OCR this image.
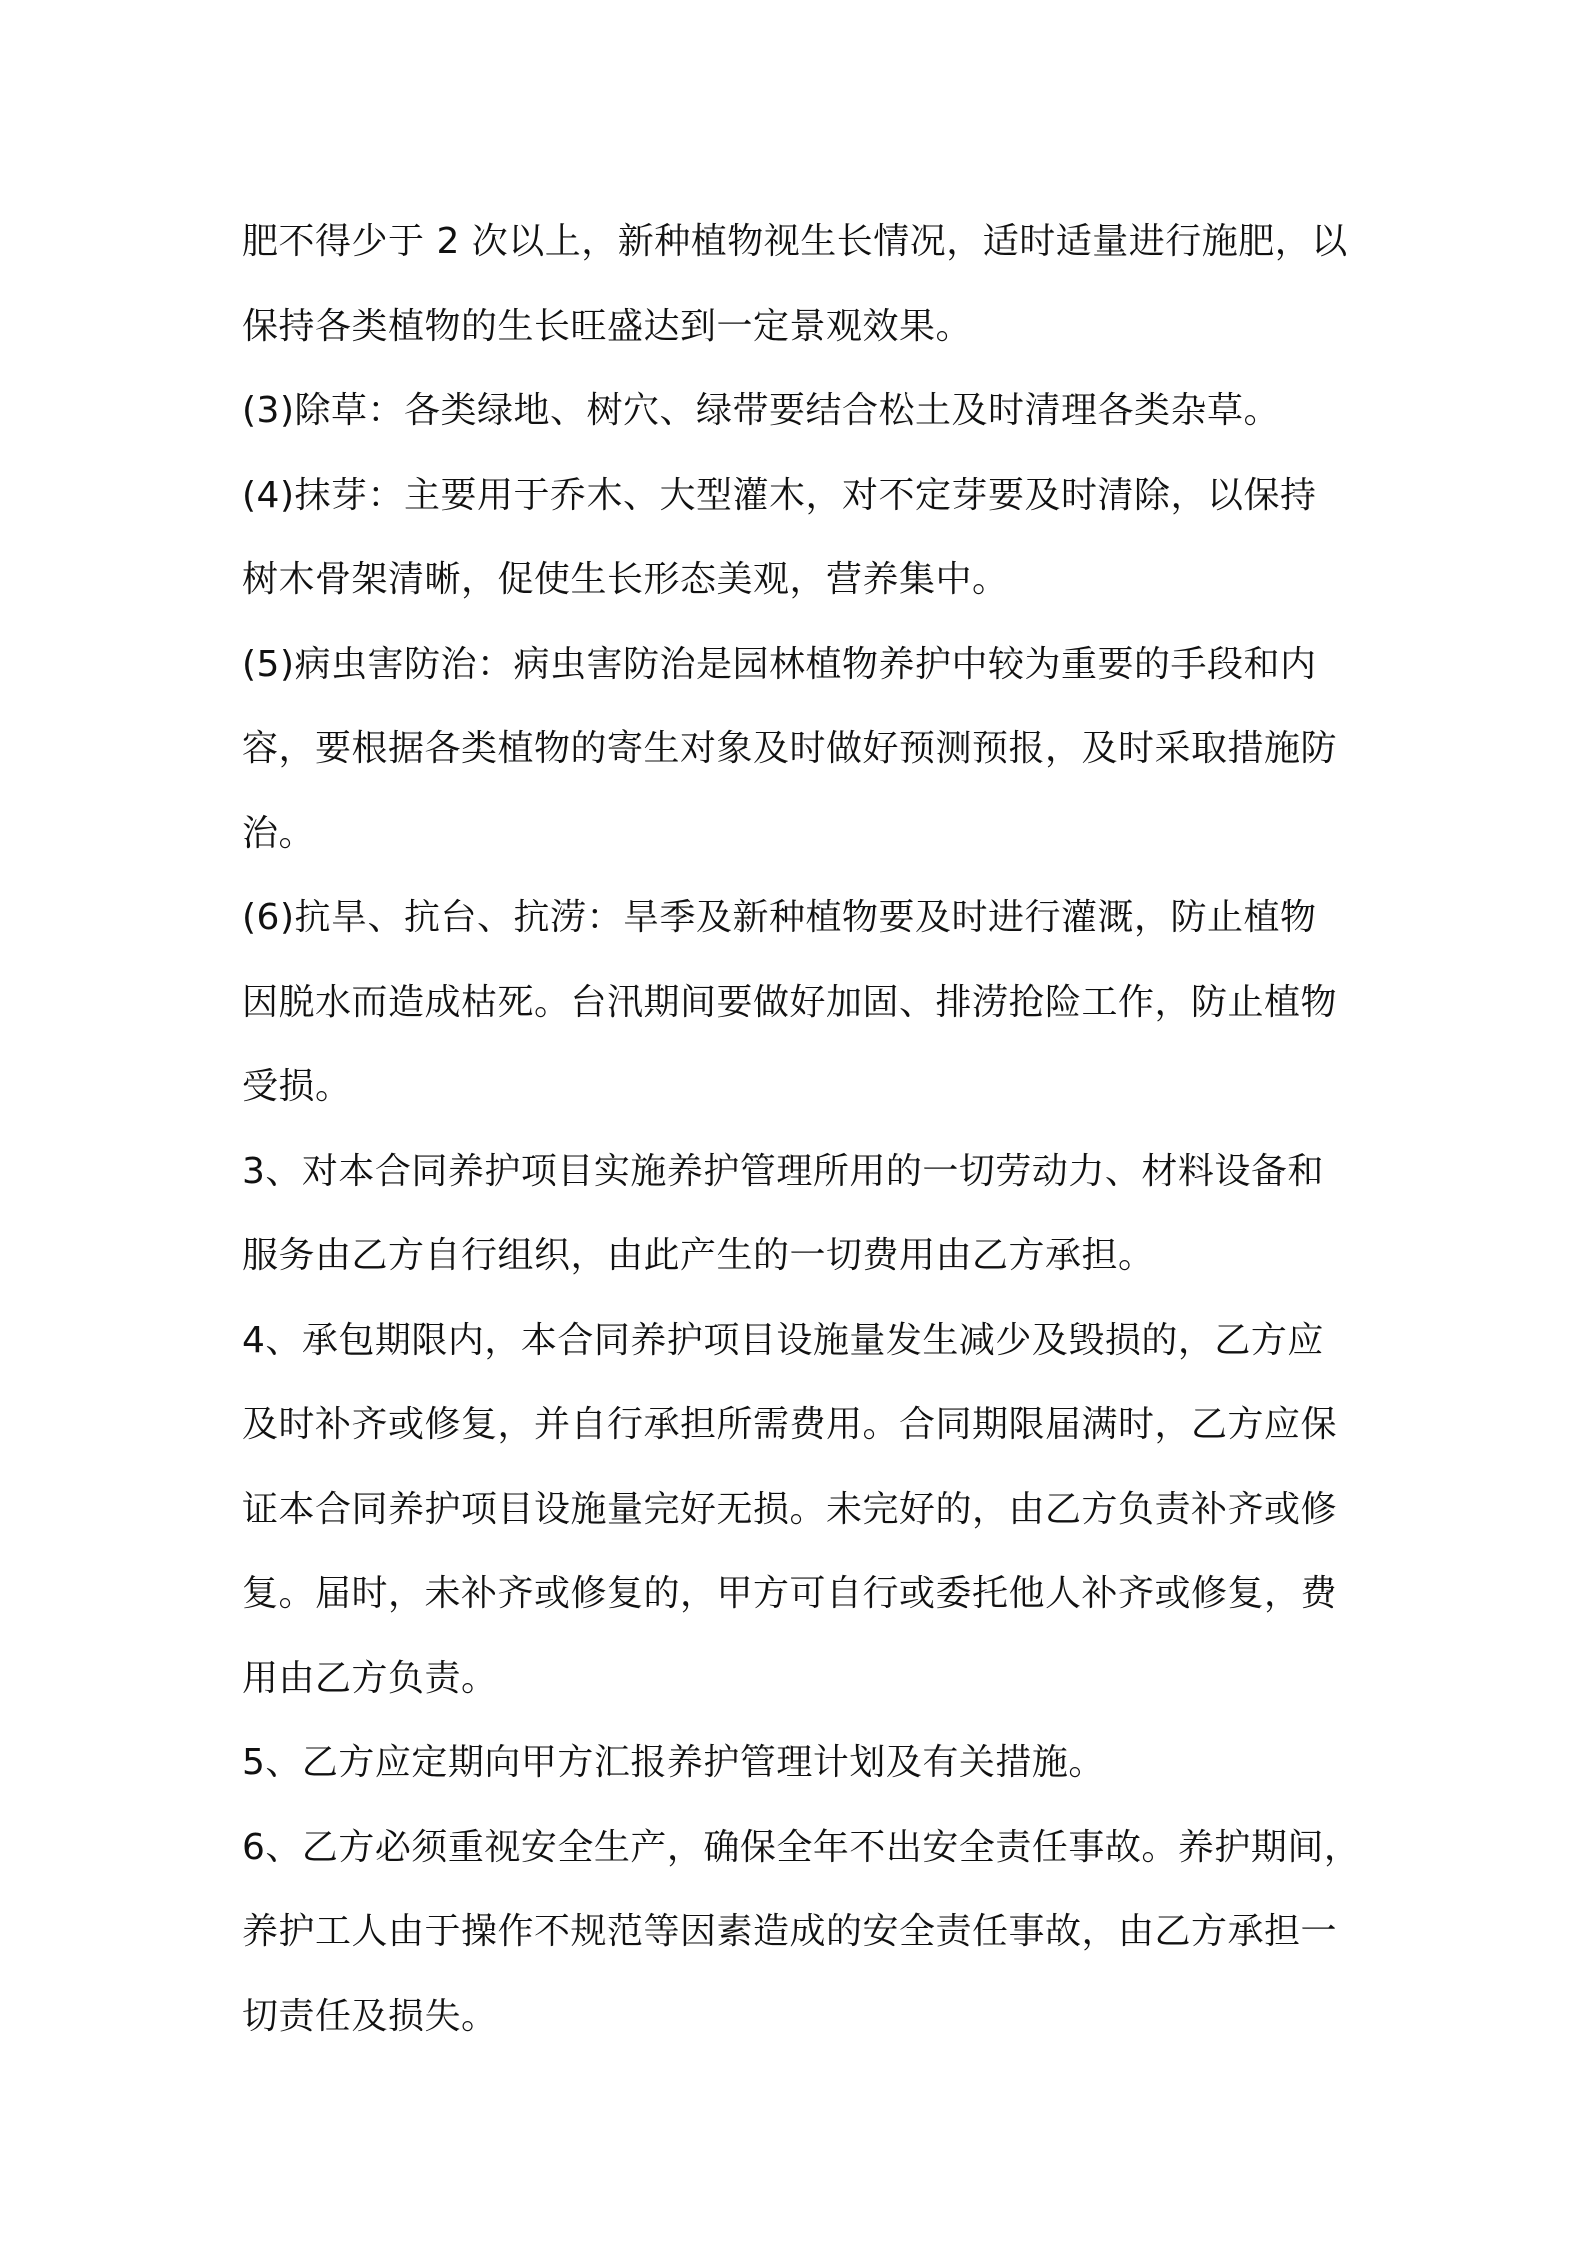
肥不得少于 2 次以上，新种植物视生长情况，适时适量进行施肥，以
保持各类植物的生长旺盛达到一定景观效果。

(3)除草：各类绿地、树穴、绿带要结合松土及时清理各类杂草。

(4)抹芽：主要用于乔木、大型灌木，对不定芽要及时清除，以保持
树木骨架清晰，促使生长形态美观，营养集中。

(5)病虫害防治：病虫害防治是园林植物养护中较为重要的手段和内
容，要根据各类植物的寄生对象及时做好预测预报，及时采取措施防
治。

(6)抗旱、抗台、抗涝：旱季及新种植物要及时进行灌溉，防止植物
因脱水而造成枯死。台汛期间要做好加固、排涝抢险工作，防止植物
受损。

3、对本合同养护项目实施养护管理所用的一切劳动力、材料设备和
服务由乙方自行组织，由此产生的一切费用由乙方承担。

4、承包期限内，本合同养护项目设施量发生减少及毁损的，乙方应
及时补齐或修复，并自行承担所需费用。合同期限届满时，乙方应保
证本合同养护项目设施量完好无损。未完好的，由乙方负责补齐或修
复。届时，未补齐或修复的，甲方可自行或委托他人补齐或修复，费
用由乙方负责。

5、乙方应定期向甲方汇报养护管理计划及有关措施。

6、乙方必须重视安全生产，确保全年不出安全责任事故。养护期间，
养护工人由于操作不规范等因素造成的安全责任事故，由乙方承担一
切责任及损失。
